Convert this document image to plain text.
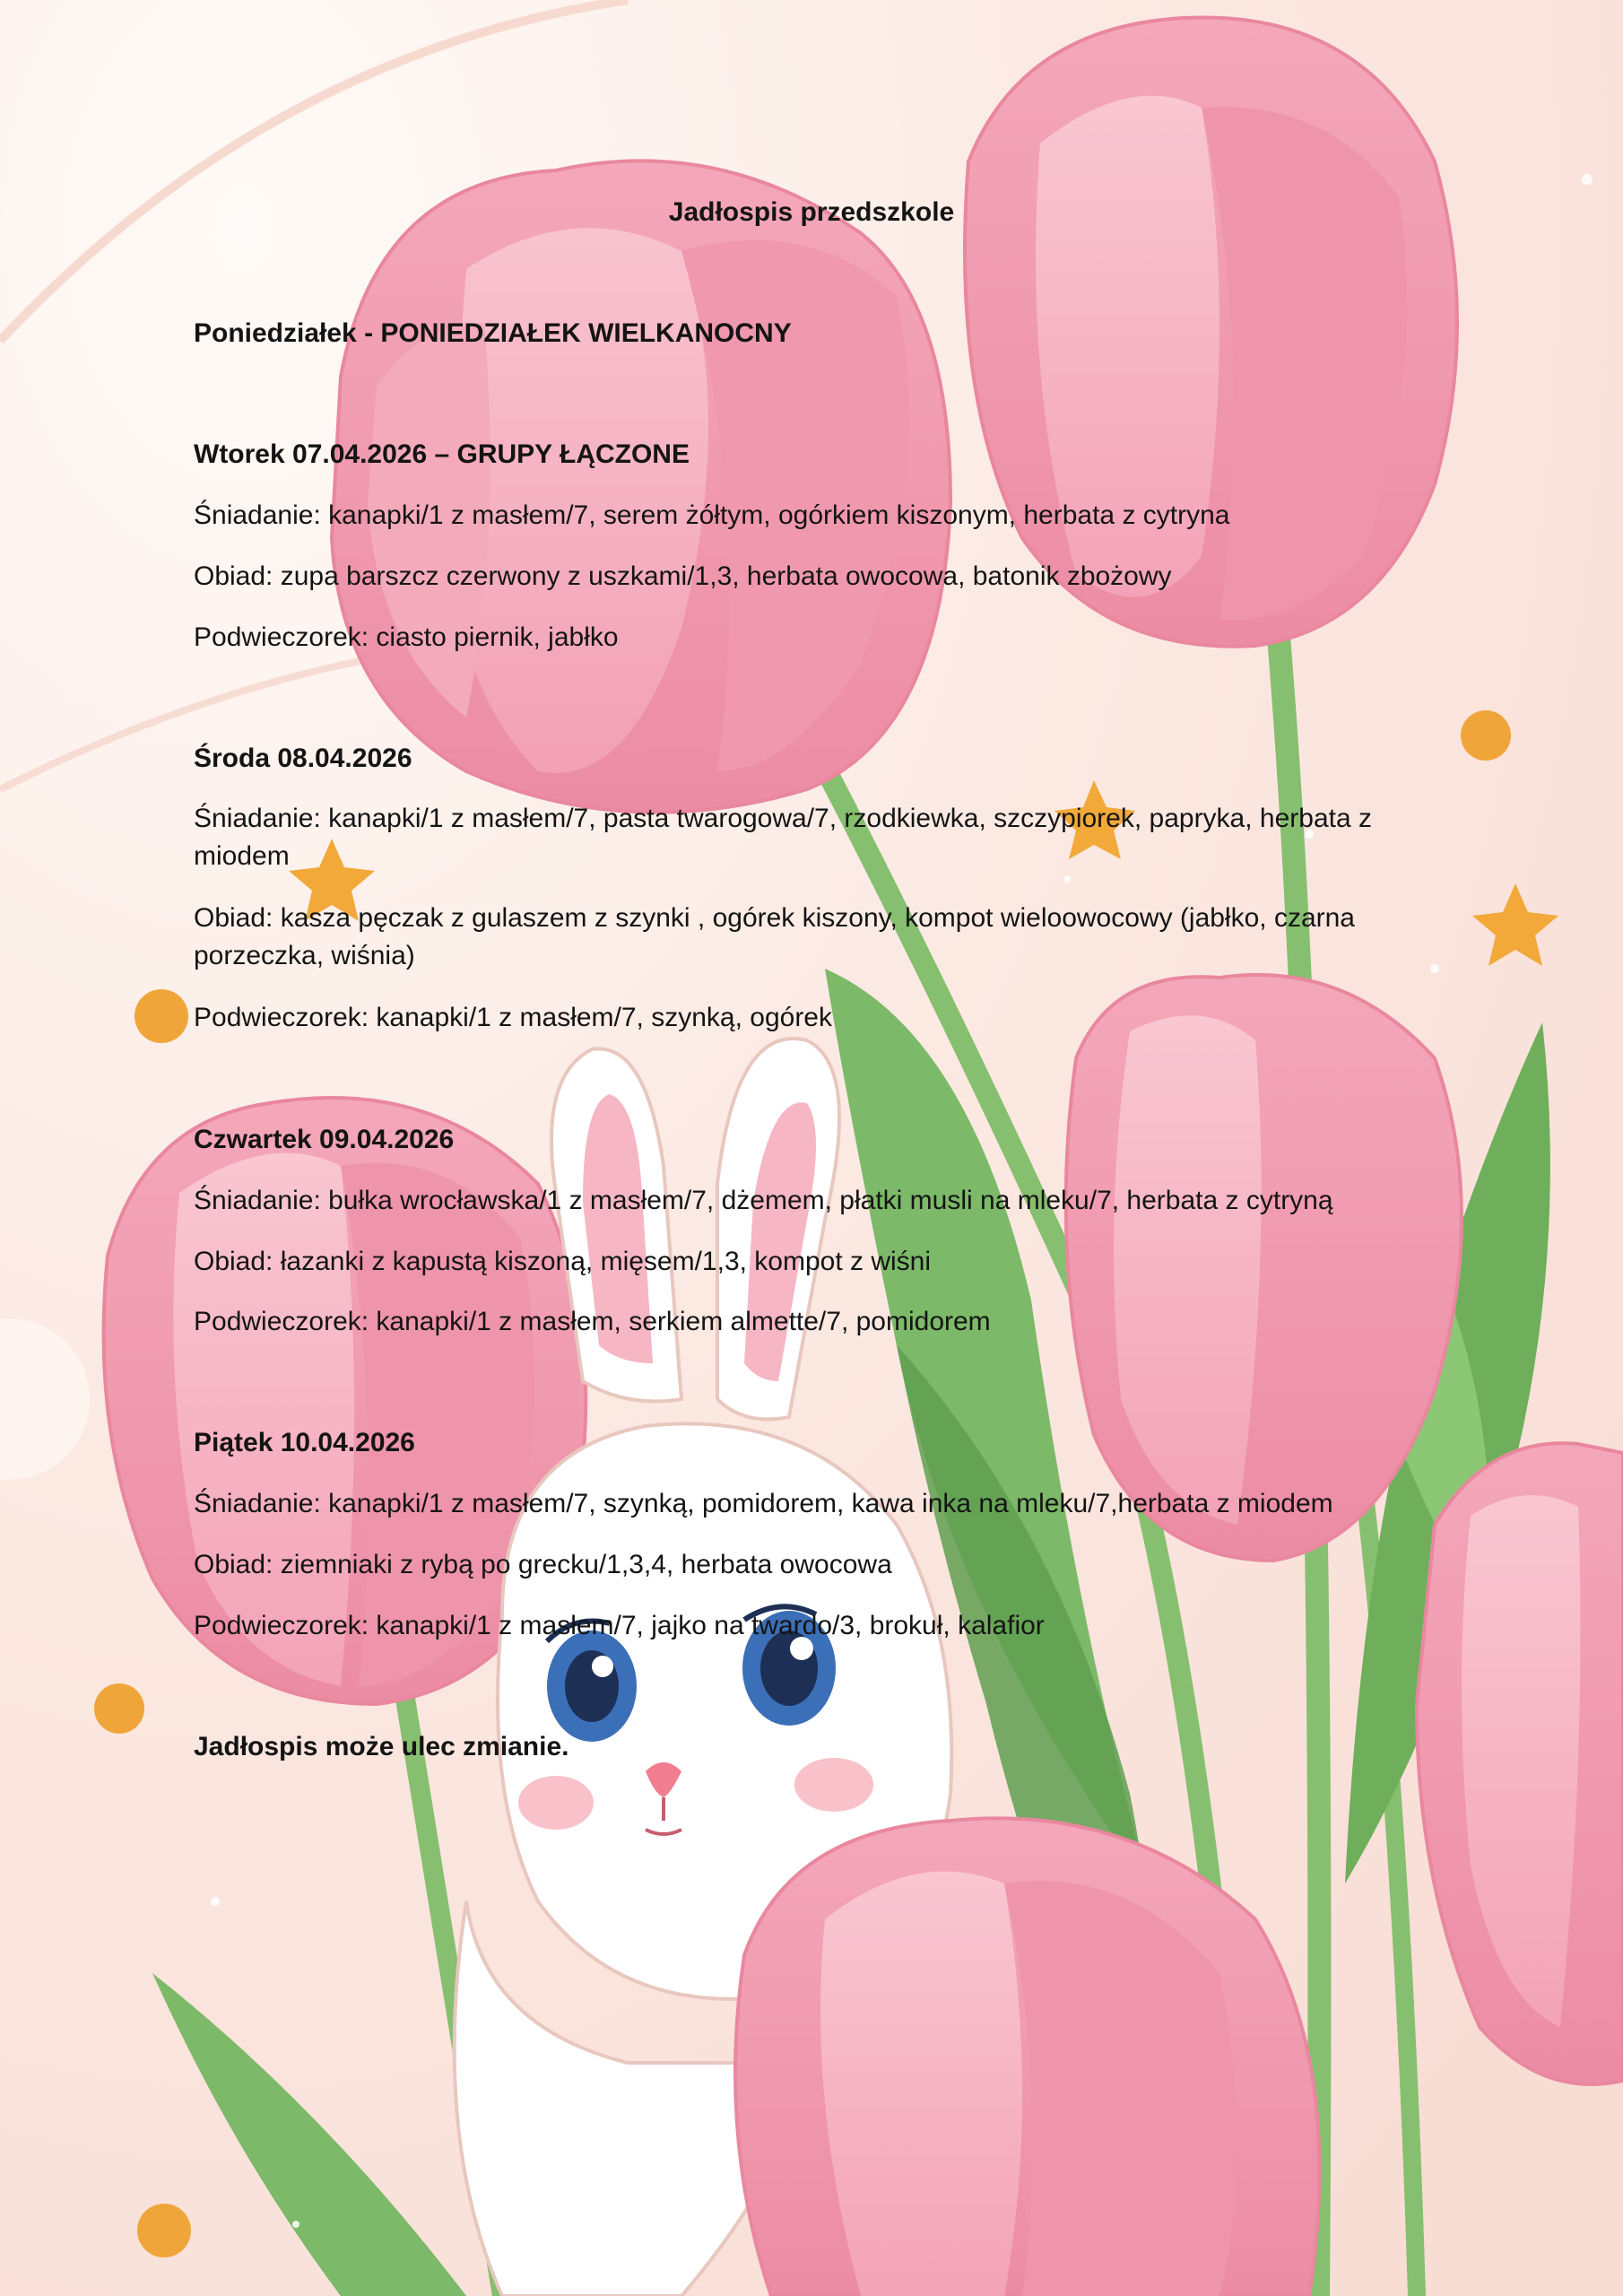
Jadłospis przedszkole
Poniedziałek - PONIEDZIAŁEK WIELKANOCNY
Wtorek 07.04.2026 – GRUPY ŁĄCZONE
Śniadanie: kanapki/1 z masłem/7, serem żółtym, ogórkiem kiszonym, herbata z cytryna
Obiad: zupa barszcz czerwony z uszkami/1,3, herbata owocowa, batonik zbożowy
Podwieczorek: ciasto piernik, jabłko
Środa 08.04.2026
Śniadanie: kanapki/1 z masłem/7, pasta twarogowa/7, rzodkiewka, szczypiorek, papryka, herbata z miodem
Obiad: kasza pęczak z gulaszem z szynki , ogórek kiszony, kompot wieloowocowy (jabłko, czarna porzeczka, wiśnia)
Podwieczorek: kanapki/1 z masłem/7, szynką, ogórek
Czwartek 09.04.2026
Śniadanie: bułka wrocławska/1 z masłem/7, dżemem, płatki musli na mleku/7, herbata z cytryną
Obiad: łazanki z kapustą kiszoną, mięsem/1,3, kompot z wiśni
Podwieczorek: kanapki/1 z masłem, serkiem almette/7, pomidorem
Piątek 10.04.2026
Śniadanie: kanapki/1 z masłem/7, szynką, pomidorem, kawa inka na mleku/7,herbata z miodem
Obiad: ziemniaki z rybą po grecku/1,3,4, herbata owocowa
Podwieczorek: kanapki/1 z masłem/7, jajko na twardo/3, brokuł, kalafior
Jadłospis może ulec zmianie.
